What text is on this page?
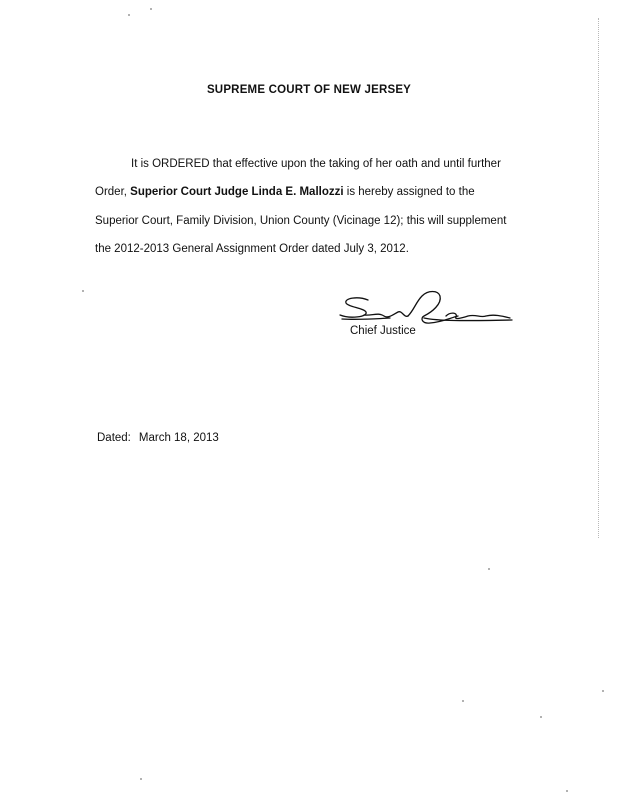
SUPREME COURT OF NEW JERSEY
It is ORDERED that effective upon the taking of her oath and until further
Order, Superior Court Judge Linda E. Mallozzi is hereby assigned to the
Superior Court, Family Division, Union County (Vicinage 12); this will supplement
the 2012-2013 General Assignment Order dated July 3, 2012.
Chief Justice
Dated: March 18, 2013
